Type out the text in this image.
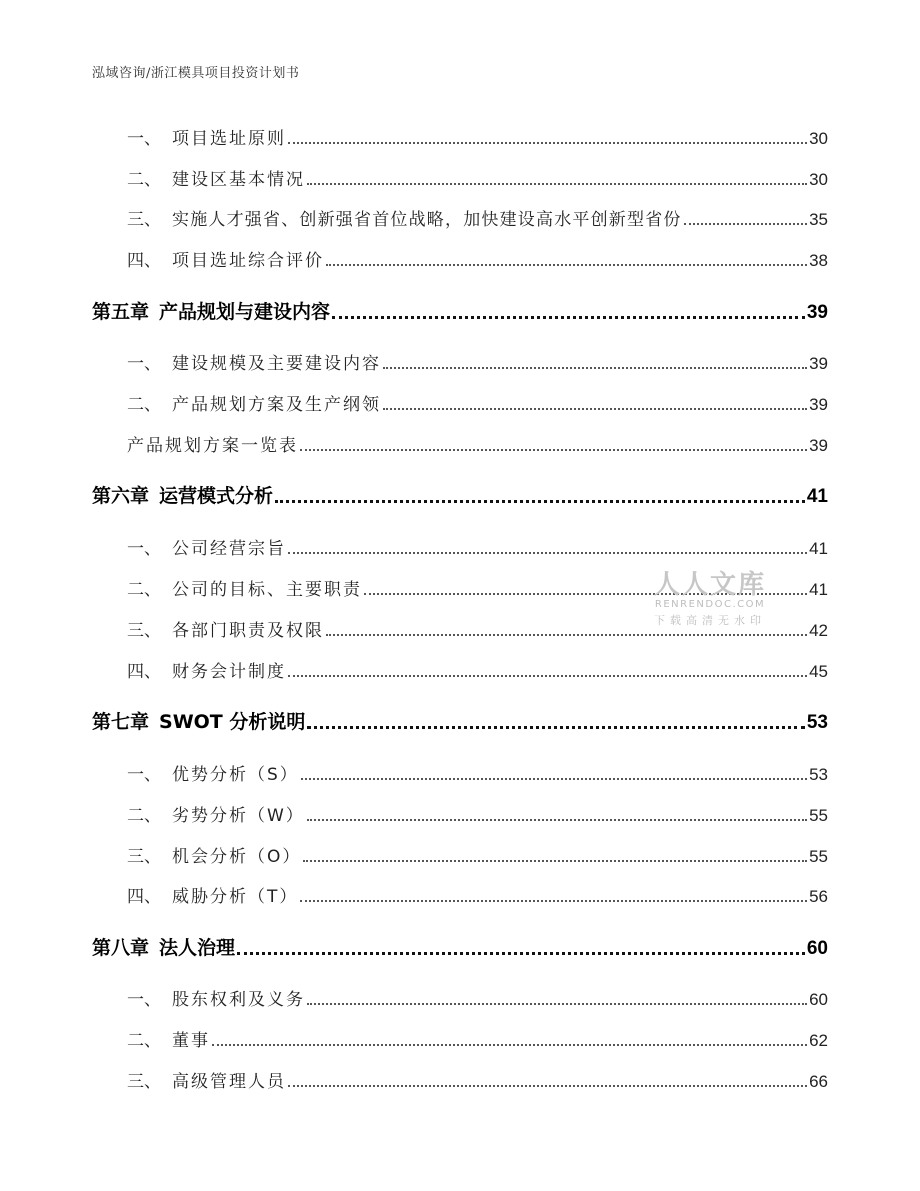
泓域咨询/浙江模具项目投资计划书
一、 项目选址原则	30
二、 建设区基本情况	30
三、 实施人才强省、创新强省首位战略，加快建设高水平创新型省份	35
四、 项目选址综合评价	38
第五章 产品规划与建设内容	39
一、 建设规模及主要建设内容	39
二、 产品规划方案及生产纲领	39
产品规划方案一览表	39
第六章 运营模式分析	41
一、 公司经营宗旨	41
二、 公司的目标、主要职责	41
三、 各部门职责及权限	42
四、 财务会计制度	45
第七章 SWOT 分析说明	53
一、 优势分析（S）	53
二、 劣势分析（W）	55
三、 机会分析（O）	55
四、 威胁分析（T）	56
第八章 法人治理	60
一、 股东权利及义务	60
二、 董事	62
三、 高级管理人员	66
人人文库
RENRENDOC.COM
下载高清无水印
